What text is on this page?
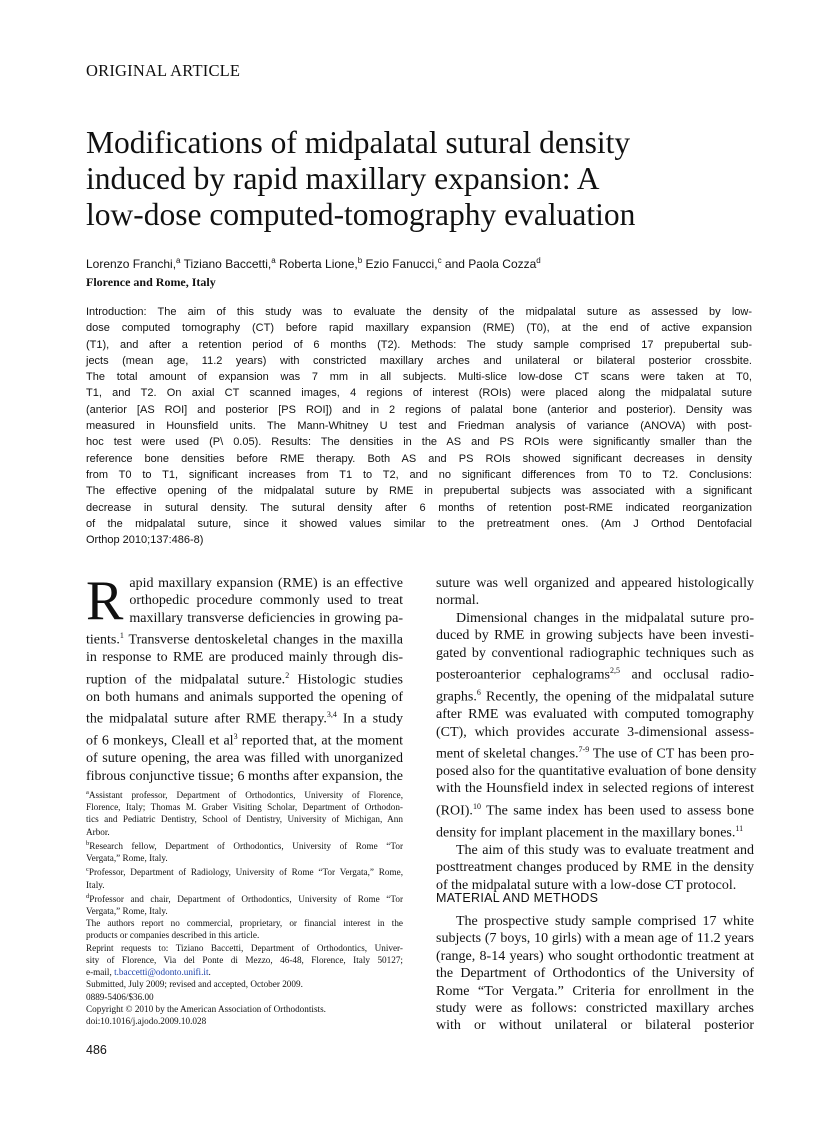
ORIGINAL ARTICLE
Modifications of midpalatal sutural density
induced by rapid maxillary expansion: A
low-dose computed-tomography evaluation
Lorenzo Franchi,$^a$ Tiziano Baccetti,$^a$ Roberta Lione,$^b$ Ezio Fanucci,$^c$ and Paola Cozza$^d$
Florence and Rome, Italy
Introduction: The aim of this study was to evaluate the density of the midpalatal suture as assessed by low-
dose computed tomography (CT) before rapid maxillary expansion (RME) (T0), at the end of active expansion
(T1), and after a retention period of 6 months (T2). Methods: The study sample comprised 17 prepubertal sub-
jects (mean age, 11.2 years) with constricted maxillary arches and unilateral or bilateral posterior crossbite.
The total amount of expansion was 7 mm in all subjects. Multi-slice low-dose CT scans were taken at T0,
T1, and T2. On axial CT scanned images, 4 regions of interest (ROIs) were placed along the midpalatal suture
(anterior [AS ROI] and posterior [PS ROI]) and in 2 regions of palatal bone (anterior and posterior). Density was
measured in Hounsfield units. The Mann-Whitney U test and Friedman analysis of variance (ANOVA) with post-
hoc test were used (P\ 0.05). Results: The densities in the AS and PS ROIs were significantly smaller than the
reference bone densities before RME therapy. Both AS and PS ROIs showed significant decreases in density
from T0 to T1, significant increases from T1 to T2, and no significant differences from T0 to T2. Conclusions:
The effective opening of the midpalatal suture by RME in prepubertal subjects was associated with a significant
decrease in sutural density. The sutural density after 6 months of retention post-RME indicated reorganization
of the midpalatal suture, since it showed values similar to the pretreatment ones. (Am J Orthod Dentofacial
Orthop 2010;137:486-8)
R apid maxillary expansion (RME) is an effective
orthopedic procedure commonly used to treat
maxillary transverse deficiencies in growing pa-
tients.$^1$ Transverse dentoskeletal changes in the maxilla
in response to RME are produced mainly through dis-
ruption of the midpalatal suture.$^2$ Histologic studies
on both humans and animals supported the opening of
the midpalatal suture after RME therapy.$^{3,4}$ In a study
of 6 monkeys, Cleall et al$^3$ reported that, at the moment
of suture opening, the area was filled with unorganized
fibrous conjunctive tissue; 6 months after expansion, the
$^a$Assistant professor, Department of Orthodontics, University of Florence,
Florence, Italy; Thomas M. Graber Visiting Scholar, Department of Orthodon-
tics and Pediatric Dentistry, School of Dentistry, University of Michigan, Ann
Arbor.
$^b$Research fellow, Department of Orthodontics, University of Rome “Tor
Vergata,” Rome, Italy.
$^c$Professor, Department of Radiology, University of Rome “Tor Vergata,” Rome,
Italy.
$^d$Professor and chair, Department of Orthodontics, University of Rome “Tor
Vergata,” Rome, Italy.
The authors report no commercial, proprietary, or financial interest in the
products or companies described in this article.
Reprint requests to: Tiziano Baccetti, Department of Orthodontics, Univer-
sity of Florence, Via del Ponte di Mezzo, 46-48, Florence, Italy 50127;
e-mail, t.baccetti@odonto.unifi.it.
Submitted, July 2009; revised and accepted, October 2009.
0889-5406/$36.00
Copyright © 2010 by the American Association of Orthodontists.
doi:10.1016/j.ajodo.2009.10.028
suture was well organized and appeared histologically
normal.
Dimensional changes in the midpalatal suture pro-
duced by RME in growing subjects have been investi-
gated by conventional radiographic techniques such as
posteroanterior cephalograms$^{2,5}$ and occlusal radio-
graphs.$^6$ Recently, the opening of the midpalatal suture
after RME was evaluated with computed tomography
(CT), which provides accurate 3-dimensional assess-
ment of skeletal changes.$^{7-9}$ The use of CT has been pro-
posed also for the quantitative evaluation of bone density
with the Hounsfield index in selected regions of interest
(ROI).$^{10}$ The same index has been used to assess bone
density for implant placement in the maxillary bones.$^{11}$
The aim of this study was to evaluate treatment and
posttreatment changes produced by RME in the density
of the midpalatal suture with a low-dose CT protocol.
MATERIAL AND METHODS
The prospective study sample comprised 17 white
subjects (7 boys, 10 girls) with a mean age of 11.2 years
(range, 8-14 years) who sought orthodontic treatment at
the Department of Orthodontics of the University of
Rome “Tor Vergata.” Criteria for enrollment in the
study were as follows: constricted maxillary arches
with or without unilateral or bilateral posterior
486
